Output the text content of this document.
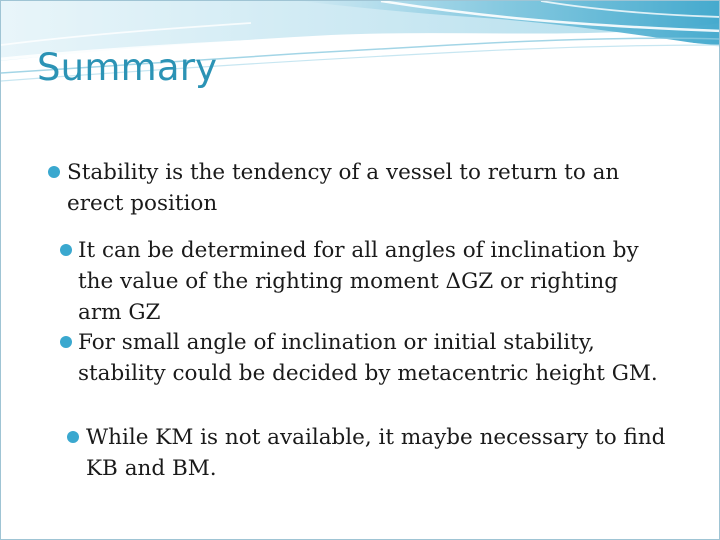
Summary
Stability is the tendency of a vessel to return to an erect position
It can be determined for all angles of inclination by the value of the righting moment ΔGZ or righting arm GZ
For small angle of inclination or initial stability, stability could be decided by metacentric height GM.
While KM is not available, it maybe necessary to find KB and BM.
